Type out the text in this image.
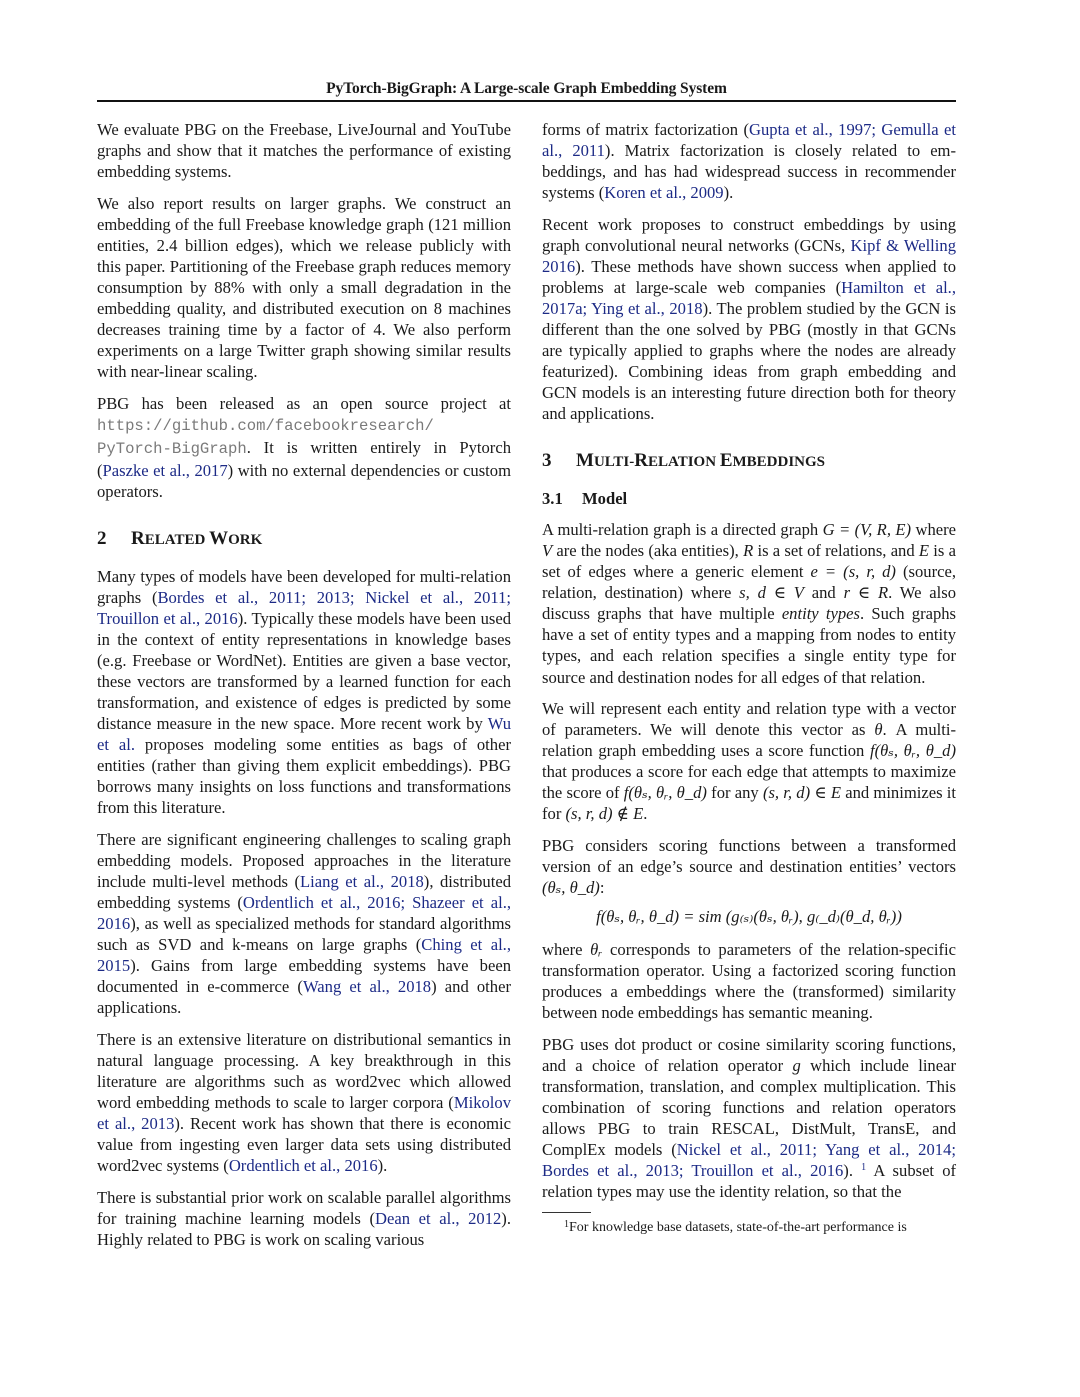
PyTorch-BigGraph: A Large-scale Graph Embedding System

We evaluate PBG on the Freebase, LiveJournal and YouTube graphs and show that it matches the performance of existing embedding systems.

We also report results on larger graphs. We construct an embedding of the full Freebase knowledge graph (121 million entities, 2.4 billion edges), which we release publicly with this paper. Partitioning of the Freebase graph reduces memory consumption by 88% with only a small degradation in the embedding quality, and distributed execution on 8 machines decreases training time by a factor of 4. We also perform experiments on a large Twitter graph showing similar results with near-linear scaling.

PBG has been released as an open source project at https://github.com/facebookresearch/ PyTorch-BigGraph. It is written entirely in Pytorch (Paszke et al., 2017) with no external dependencies or custom operators.

2 RELATED WORK

Many types of models have been developed for multi-relation graphs (Bordes et al., 2011; 2013; Nickel et al., 2011; Trouillon et al., 2016). Typically these models have been used in the context of entity representations in knowledge bases (e.g. Freebase or WordNet). Entities are given a base vector, these vectors are transformed by a learned function for each transformation, and existence of edges is predicted by some distance measure in the new space. More recent work by Wu et al. proposes modeling some entities as bags of other entities (rather than giving them explicit embeddings). PBG borrows many insights on loss functions and transformations from this literature.

There are significant engineering challenges to scaling graph embedding models. Proposed approaches in the literature include multi-level methods (Liang et al., 2018), distributed embedding systems (Ordentlich et al., 2016; Shazeer et al., 2016), as well as specialized methods for standard algorithms such as SVD and k-means on large graphs (Ching et al., 2015). Gains from large embedding systems have been documented in e-commerce (Wang et al., 2018) and other applications.

There is an extensive literature on distributional semantics in natural language processing. A key breakthrough in this literature are algorithms such as word2vec which allowed word embedding methods to scale to larger corpora (Mikolov et al., 2013). Recent work has shown that there is economic value from ingesting even larger data sets using distributed word2vec systems (Ordentlich et al., 2016).

There is substantial prior work on scalable parallel algorithms for training machine learning models (Dean et al., 2012). Highly related to PBG is work on scaling various

forms of matrix factorization (Gupta et al., 1997; Gemulla et al., 2011). Matrix factorization is closely related to embeddings, and has had widespread success in recommender systems (Koren et al., 2009).

Recent work proposes to construct embeddings by using graph convolutional neural networks (GCNs, Kipf & Welling 2016). These methods have shown success when applied to problems at large-scale web companies (Hamilton et al., 2017a; Ying et al., 2018). The problem studied by the GCN is different than the one solved by PBG (mostly in that GCNs are typically applied to graphs where the nodes are already featurized). Combining ideas from graph embedding and GCN models is an interesting future direction both for theory and applications.

3 MULTI-RELATION EMBEDDINGS
3.1 Model

A multi-relation graph is a directed graph G = (V, R, E) where V are the nodes (aka entities), R is a set of relations, and E is a set of edges where a generic element e = (s, r, d) (source, relation, destination) where s, d ∈ V and r ∈ R. We also discuss graphs that have multiple entity types. Such graphs have a set of entity types and a mapping from nodes to entity types, and each relation specifies a single entity type for source and destination nodes for all edges of that relation.

We will represent each entity and relation type with a vector of parameters. We will denote this vector as θ. A multi-relation graph embedding uses a score function f(θₛ, θᵣ, θ_d) that produces a score for each edge that attempts to maximize the score of f(θₛ, θᵣ, θ_d) for any (s, r, d) ∈ E and minimizes it for (s, r, d) ∉ E.

PBG considers scoring functions between a transformed version of an edge’s source and destination entities’ vectors (θₛ, θ_d):

f(θₛ, θᵣ, θ_d) = sim (g₍ₛ₎(θₛ, θᵣ), g₍_d₎(θ_d, θᵣ))

where θᵣ corresponds to parameters of the relation-specific transformation operator. Using a factorized scoring function produces a embeddings where the (transformed) similarity between node embeddings has semantic meaning.

PBG uses dot product or cosine similarity scoring functions, and a choice of relation operator g which include linear transformation, translation, and complex multiplication. This combination of scoring functions and relation operators allows PBG to train RESCAL, DistMult, TransE, and ComplEx models (Nickel et al., 2011; Yang et al., 2014; Bordes et al., 2013; Trouillon et al., 2016). $^1$ A subset of relation types may use the identity relation, so that the

$^1$For knowledge base datasets, state-of-the-art performance is
